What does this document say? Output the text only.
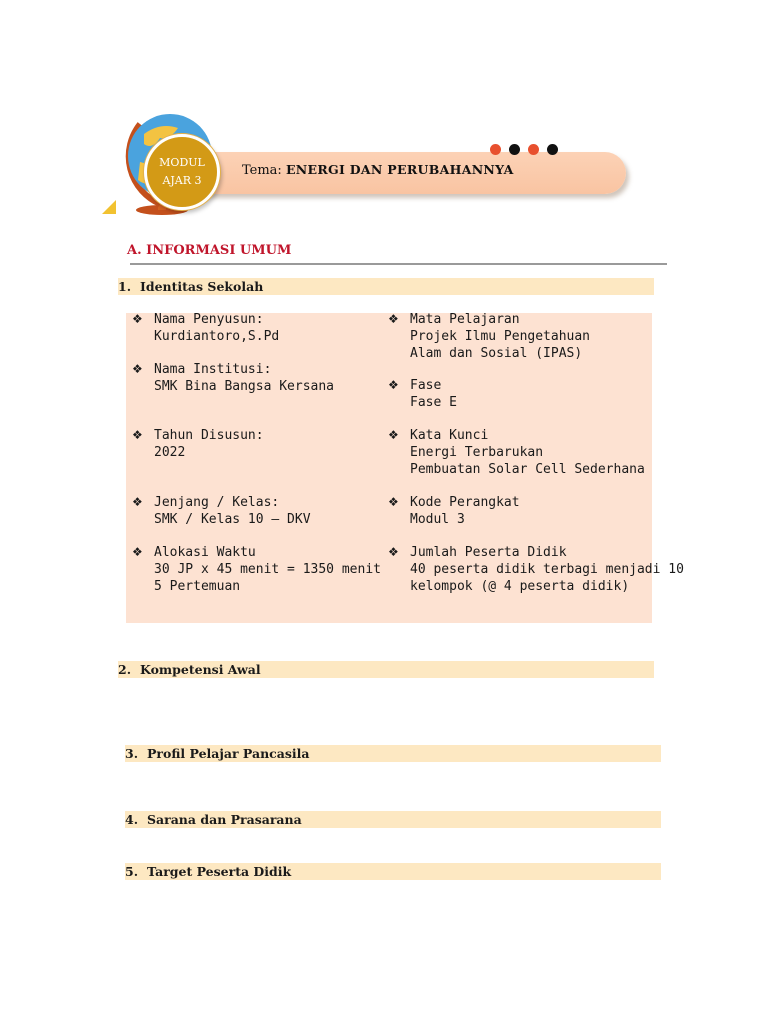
MODUL
AJAR 3
Tema: ENERGI DAN PERUBAHANNYA
A. INFORMASI UMUM
1. Identitas Sekolah
❖ Nama Penyusun:
Kurdiantoro,S.Pd
❖ Nama Institusi:
SMK Bina Bangsa Kersana
❖ Tahun Disusun:
2022
❖ Jenjang / Kelas:
SMK / Kelas 10 – DKV
❖ Alokasi Waktu
30 JP x 45 menit = 1350 menit
5 Pertemuan
❖ Mata Pelajaran
Projek Ilmu Pengetahuan
Alam dan Sosial (IPAS)
❖ Fase
Fase E
❖ Kata Kunci
Energi Terbarukan
Pembuatan Solar Cell Sederhana
❖ Kode Perangkat
Modul 3
❖ Jumlah Peserta Didik
40 peserta didik terbagi menjadi 10
kelompok (@ 4 peserta didik)
2. Kompetensi Awal
3. Profil Pelajar Pancasila
4. Sarana dan Prasarana
5. Target Peserta Didik
